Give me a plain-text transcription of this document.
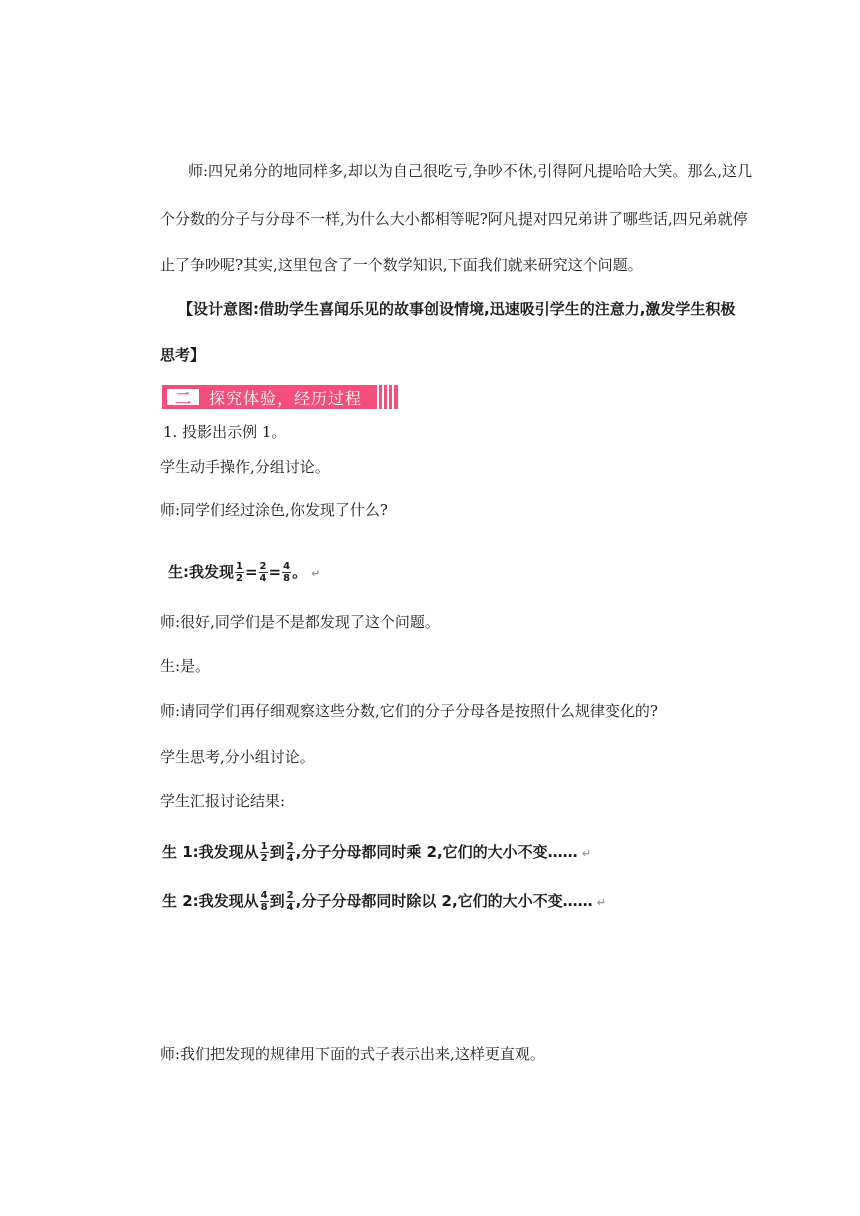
师:四兄弟分的地同样多,却以为自己很吃亏,争吵不休,引得阿凡提哈哈大笑。那么,这几
个分数的分子与分母不一样,为什么大小都相等呢?阿凡提对四兄弟讲了哪些话,四兄弟就停
止了争吵呢?其实,这里包含了一个数学知识,下面我们就来研究这个问题。
【设计意图:借助学生喜闻乐见的故事创设情境,迅速吸引学生的注意力,激发学生积极
思考】
二 探究体验，经历过程
1. 投影出示例 1。
学生动手操作,分组讨论。
师:同学们经过涂色,你发现了什么?
生:我发现 $\frac{1}{2} = \frac{2}{4} = \frac{4}{8}$ 。 ↵
师:很好,同学们是不是都发现了这个问题。
生:是。
师:请同学们再仔细观察这些分数,它们的分子分母各是按照什么规律变化的?
学生思考,分小组讨论。
学生汇报讨论结果:
生 1:我发现从 $\frac{1}{2}$ 到 $\frac{2}{4}$ ,分子分母都同时乘 2,它们的大小不变…… ↵
生 2:我发现从 $\frac{4}{8}$ 到 $\frac{2}{4}$ ,分子分母都同时除以 2,它们的大小不变…… ↵
师:我们把发现的规律用下面的式子表示出来,这样更直观。
